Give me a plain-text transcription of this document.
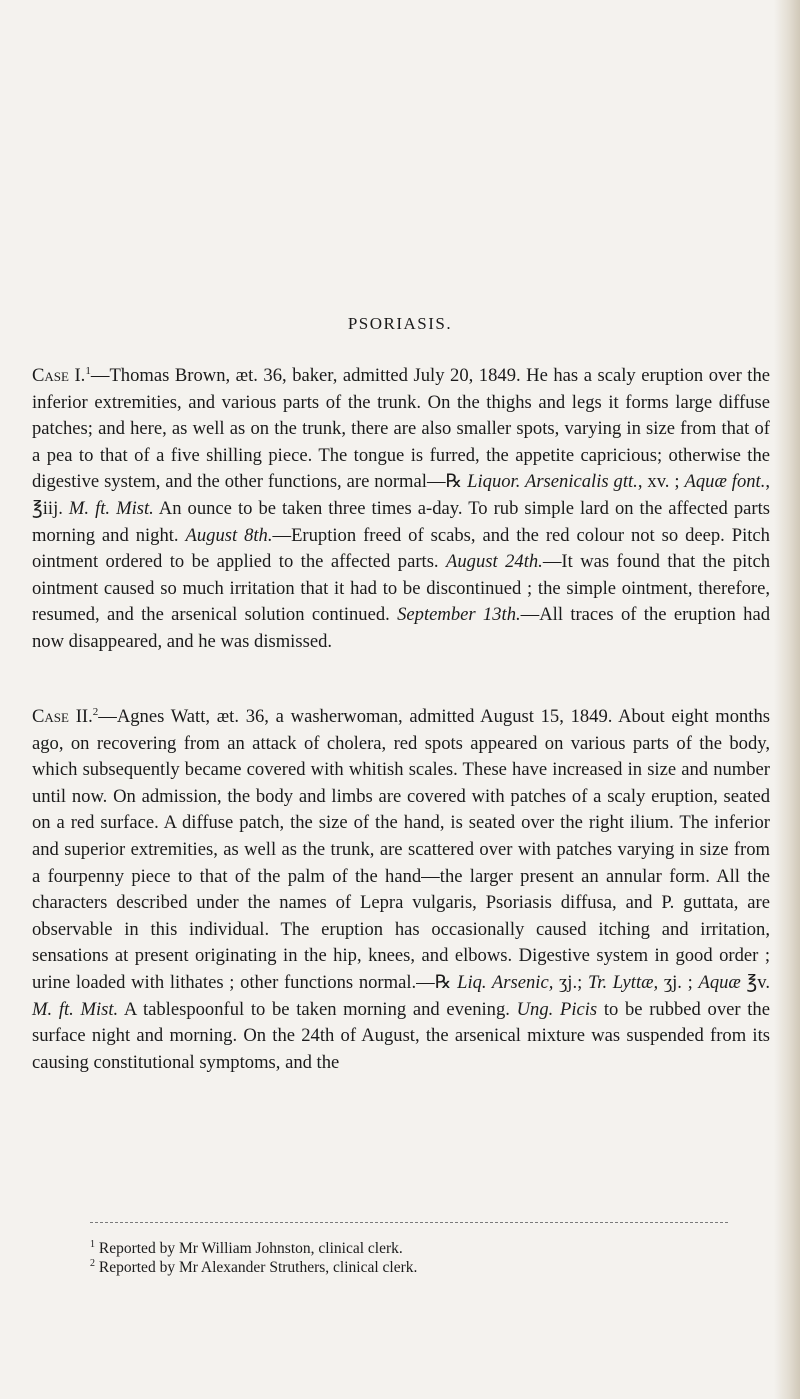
PSORIASIS.

Case I.$^1$—Thomas Brown, æt. 36, baker, admitted July 20, 1849. He has a scaly eruption over the inferior extremities, and various parts of the trunk. On the thighs and legs it forms large diffuse patches; and here, as well as on the trunk, there are also smaller spots, varying in size from that of a pea to that of a five shilling piece. The tongue is furred, the appetite capricious; otherwise the digestive system, and the other functions, are normal—℞ Liquor. Arsenicalis gtt., xv. ; Aquæ font., ℥iij. M. ft. Mist. An ounce to be taken three times a-day. To rub simple lard on the affected parts morning and night. August 8th.—Eruption freed of scabs, and the red colour not so deep. Pitch ointment ordered to be applied to the affected parts. August 24th.—It was found that the pitch ointment caused so much irritation that it had to be discontinued ; the simple ointment, therefore, resumed, and the arsenical solution continued. September 13th.—All traces of the eruption had now disappeared, and he was dismissed.

Case II.$^2$—Agnes Watt, æt. 36, a washerwoman, admitted August 15, 1849. About eight months ago, on recovering from an attack of cholera, red spots appeared on various parts of the body, which subsequently became covered with whitish scales. These have increased in size and number until now. On admission, the body and limbs are covered with patches of a scaly eruption, seated on a red surface. A diffuse patch, the size of the hand, is seated over the right ilium. The inferior and superior extremities, as well as the trunk, are scattered over with patches varying in size from a fourpenny piece to that of the palm of the hand—the larger present an annular form. All the characters described under the names of Lepra vulgaris, Psoriasis diffusa, and P. guttata, are observable in this individual. The eruption has occasionally caused itching and irritation, sensations at present originating in the hip, knees, and elbows. Digestive system in good order ; urine loaded with lithates ; other functions normal.—℞ Liq. Arsenic, ʒj.; Tr. Lyttæ, ʒj. ; Aquæ ℥v. M. ft. Mist. A tablespoonful to be taken morning and evening. Ung. Picis to be rubbed over the surface night and morning. On the 24th of August, the arsenical mixture was suspended from its causing constitutional symptoms, and the

$^1$ Reported by Mr William Johnston, clinical clerk.
$^2$ Reported by Mr Alexander Struthers, clinical clerk.
